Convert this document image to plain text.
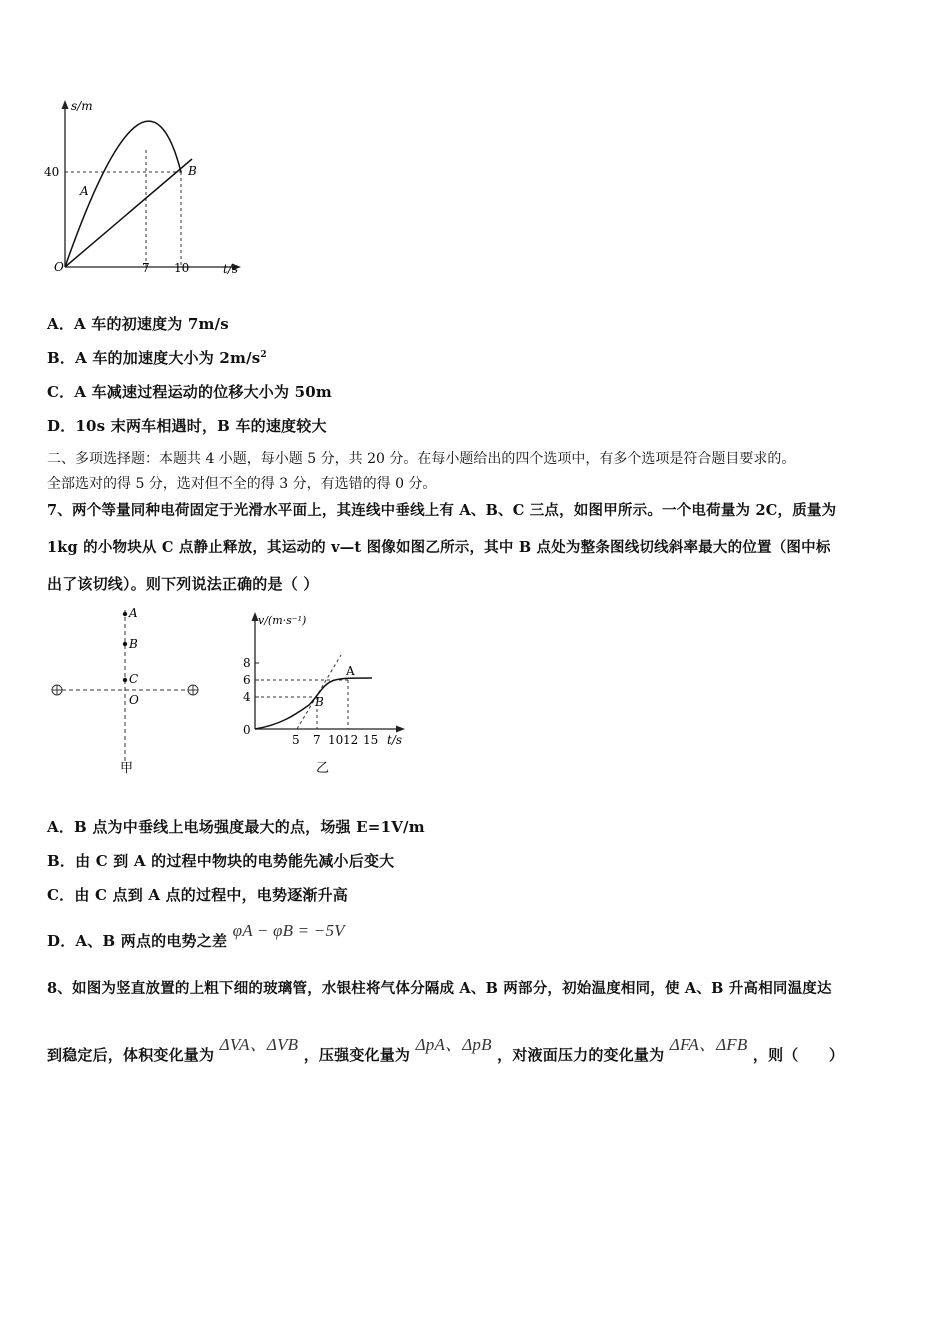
s/m
t/s
O
40
7 10
A
B
A．A 车的初速度为 7m/s
B．A 车的加速度大小为 $2m/s^2$
C．A 车减速过程运动的位移大小为 50m
D．10s 末两车相遇时，B 车的速度较大
二、多项选择题：本题共 4 小题，每小题 5 分，共 20 分。在每小题给出的四个选项中，有多个选项是符合题目要求的。
全部选对的得 5 分，选对但不全的得 3 分，有选错的得 0 分。
7、两个等量同种电荷固定于光滑水平面上，其连线中垂线上有 A、B、C 三点，如图甲所示。一个电荷量为 2C，质量为
1kg 的小物块从 C 点静止释放，其运动的 v—t 图像如图乙所示，其中 B 点处为整条图线切线斜率最大的位置（图中标
出了该切线）。则下列说法正确的是（ ）
A
B
C
O
甲
v/(m·s⁻¹)
t/s
8
6
4
0
5 7 10 12 15
A
B
乙
A．B 点为中垂线上电场强度最大的点，场强 E=1V/m
B．由 C 到 A 的过程中物块的电势能先减小后变大
C．由 C 点到 A 点的过程中，电势逐渐升高
D．A、B 两点的电势之差 φA − φB = −5V
8、如图为竖直放置的上粗下细的玻璃管，水银柱将气体分隔成 A、B 两部分，初始温度相同，使 A、B 升高相同温度达
到稳定后，体积变化量为 ΔVA、ΔVB ，压强变化量为 ΔpA、ΔpB ，对液面压力的变化量为 ΔFA、ΔFB ，则（　　）
